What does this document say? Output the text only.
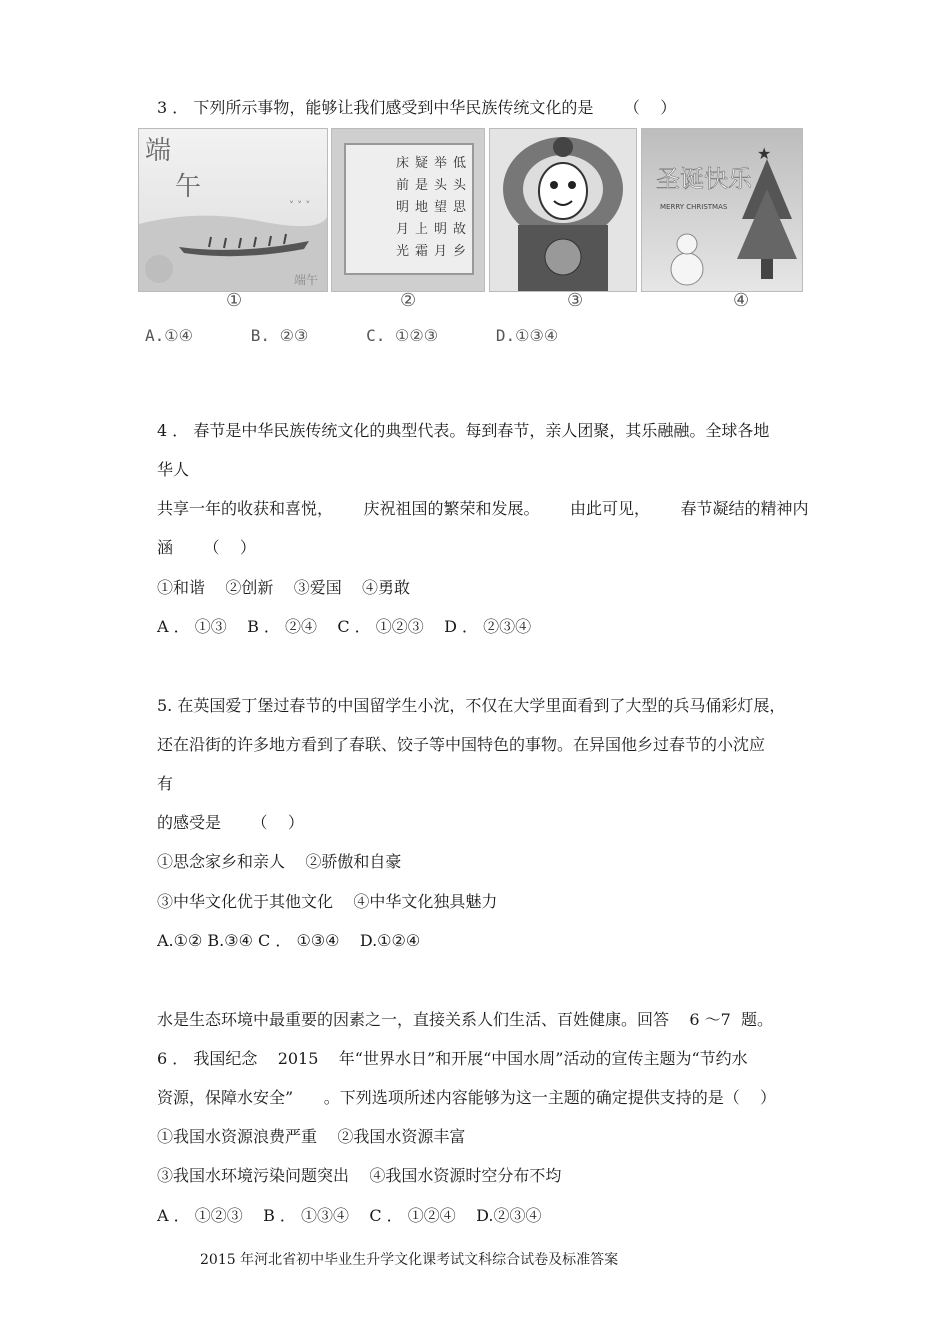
3 ． 下列所示事物，能够让我们感受到中华民族传统文化的是      （    ）
端
午
˅ ˅ ˅
端午
低
头
思
故
乡
举
头
望
明
月
疑
是
地
上
霜
床
前
明
月
光
圣诞快乐
MERRY CHRISTMAS
★
①	②	③	④
A.①④      B. ②③      C. ①②③      D.①③④
4 ． 春节是中华民族传统文化的典型代表。每到春节，亲人团聚，其乐融融。全球各地
华人
共享一年的收获和喜悦，      庆祝祖国的繁荣和发展。      由此可见，      春节凝结的精神内
涵      （    ）
①和谐    ②创新    ③爱国    ④勇敢
A ． ①③    B ． ②④    C ． ①②③    D ． ②③④
5. 在英国爱丁堡过春节的中国留学生小沈，不仅在大学里面看到了大型的兵马俑彩灯展，
还在沿街的许多地方看到了春联、饺子等中国特色的事物。在异国他乡过春节的小沈应
有
的感受是      （    ）
①思念家乡和亲人    ②骄傲和自豪
③中华文化优于其他文化    ④中华文化独具魅力
A.①② B.③④ C ． ①③④    D.①②④
水是生态环境中最重要的因素之一，直接关系人们生活、百姓健康。回答    6 ～7  题。
6 ． 我国纪念    2015    年“世界水日”和开展“中国水周”活动的宣传主题为“节约水
资源，保障水安全”      。下列选项所述内容能够为这一主题的确定提供支持的是（    ）
①我国水资源浪费严重    ②我国水资源丰富
③我国水环境污染问题突出    ④我国水资源时空分布不均
A ． ①②③    B ． ①③④    C ． ①②④    D.②③④
2015 年河北省初中毕业生升学文化课考试文科综合试卷及标准答案
